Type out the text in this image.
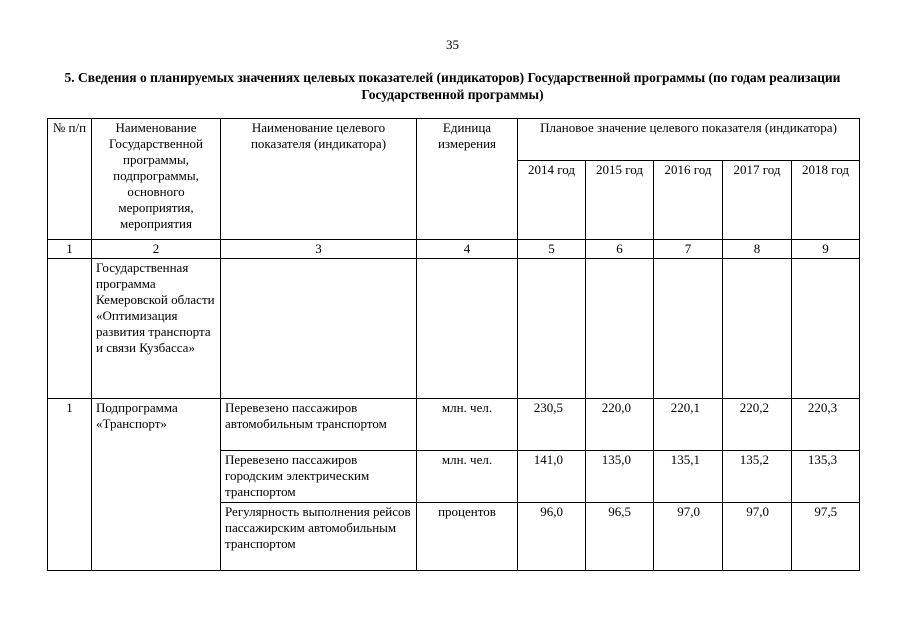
35
5. Сведения о планируемых значениях целевых показателей (индикаторов) Государственной программы (по годам реализации Государственной программы)
№ п/п	Наименование Государственной программы, подпрограммы, основного мероприятия, мероприятия	Наименование целевого показателя (индикатора)	Единица измерения	Плановое значение целевого показателя (индикатора)				
				2014 год	2015 год	2016 год	2017 год	2018 год
1	2	3	4	5	6	7	8	9
	Государственная программа Кемеровской области «Оптимизация развития транспорта и связи Кузбасса»							
1	Подпрограмма «Транспорт»	Перевезено пассажиров автомобильным транспортом	млн. чел.	230,5	220,0	220,1	220,2	220,3
		Перевезено пассажиров городским электрическим транспортом	млн. чел.	141,0	135,0	135,1	135,2	135,3
		Регулярность выполнения рейсов пассажирским автомобильным транспортом	процентов	96,0	96,5	97,0	97,0	97,5
